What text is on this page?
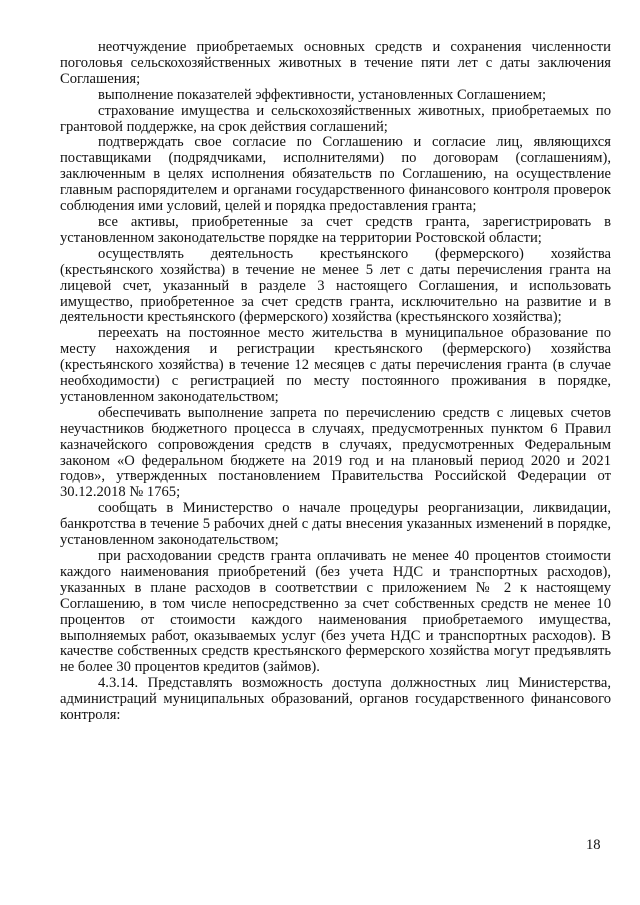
неотчуждение приобретаемых основных средств и сохранения численности поголовья сельскохозяйственных животных в течение пяти лет с даты заключения Соглашения;

выполнение показателей эффективности, установленных Соглашением;

страхование имущества и сельскохозяйственных животных, приобретаемых по грантовой поддержке, на срок действия соглашений;

подтверждать свое согласие по Соглашению и согласие лиц, являющихся поставщиками (подрядчиками, исполнителями) по договорам (соглашениям), заключенным в целях исполнения обязательств по Соглашению, на осуществление главным распорядителем и органами государственного финансового контроля проверок соблюдения ими условий, целей и порядка предоставления гранта;

все активы, приобретенные за счет средств гранта, зарегистрировать в установленном законодательстве порядке на территории Ростовской области;

осуществлять деятельность крестьянского (фермерского) хозяйства (крестьянского хозяйства) в течение не менее 5 лет с даты перечисления гранта на лицевой счет, указанный в разделе 3 настоящего Соглашения, и использовать имущество, приобретенное за счет средств гранта, исключительно на развитие и в деятельности крестьянского (фермерского) хозяйства (крестьянского хозяйства);

переехать на постоянное место жительства в муниципальное образование по месту нахождения и регистрации крестьянского (фермерского) хозяйства (крестьянского хозяйства) в течение 12 месяцев с даты перечисления гранта (в случае необходимости) с регистрацией по месту постоянного проживания в порядке, установленном законодательством;

обеспечивать выполнение запрета по перечислению средств с лицевых счетов неучастников бюджетного процесса в случаях, предусмотренных пунктом 6 Правил казначейского сопровождения средств в случаях, предусмотренных Федеральным законом «О федеральном бюджете на 2019 год и на плановый период 2020 и 2021 годов», утвержденных постановлением Правительства Российской Федерации от 30.12.2018 № 1765;

сообщать в Министерство о начале процедуры реорганизации, ликвидации, банкротства в течение 5 рабочих дней с даты внесения указанных изменений в порядке, установленном законодательством;

при расходовании средств гранта оплачивать не менее 40 процентов стоимости каждого наименования приобретений (без учета НДС и транспортных расходов), указанных в плане расходов в соответствии с приложением № 2 к настоящему Соглашению, в том числе непосредственно за счет собственных средств не менее 10 процентов от стоимости каждого наименования приобретаемого имущества, выполняемых работ, оказываемых услуг (без учета НДС и транспортных расходов). В качестве собственных средств крестьянского фермерского хозяйства могут предъявлять не более 30 процентов кредитов (займов).

4.3.14. Представлять возможность доступа должностных лиц Министерства, администраций муниципальных образований, органов государственного финансового контроля:

18
